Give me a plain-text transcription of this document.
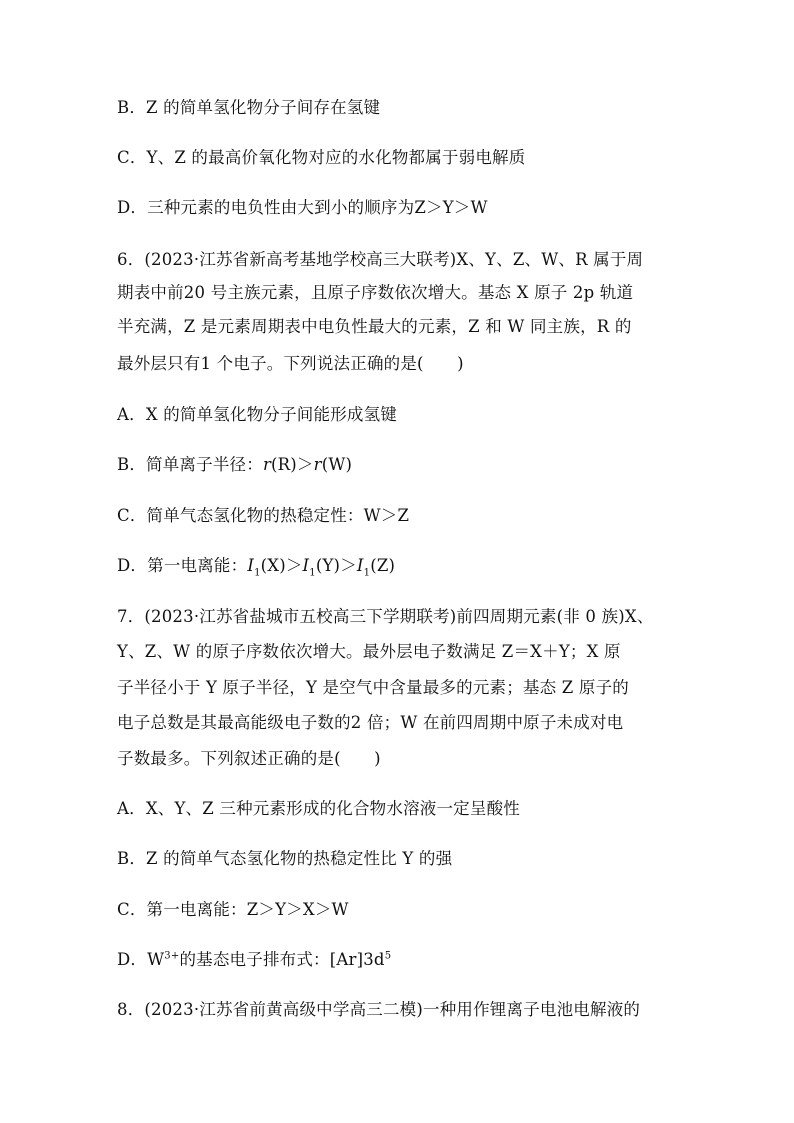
B．Z 的简单氢化物分子间存在氢键
C．Y、Z 的最高价氧化物对应的水化物都属于弱电解质
D．三种元素的电负性由大到小的顺序为Z＞Y＞W
6．(2023·江苏省新高考基地学校高三大联考)X、Y、Z、W、R 属于周
期表中前20 号主族元素，且原子序数依次增大。基态 X 原子 2p 轨道
半充满，Z 是元素周期表中电负性最大的元素，Z 和 W 同主族，R 的
最外层只有1 个电子。下列说法正确的是(　　)
A．X 的简单氢化物分子间能形成氢键
B．简单离子半径：r(R)＞r(W)
C．简单气态氢化物的热稳定性：W＞Z
D．第一电离能：$I_1(X)>I_1(Y)>I_1(Z)$
7．(2023·江苏省盐城市五校高三下学期联考)前四周期元素(非 0 族)X、
Y、Z、W 的原子序数依次增大。最外层电子数满足 Z＝X＋Y；X 原
子半径小于 Y 原子半径，Y 是空气中含量最多的元素；基态 Z 原子的
电子总数是其最高能级电子数的2 倍；W 在前四周期中原子未成对电
子数最多。下列叙述正确的是(　　)
A．X、Y、Z 三种元素形成的化合物水溶液一定呈酸性
B．Z 的简单气态氢化物的热稳定性比 Y 的强
C．第一电离能：Z＞Y＞X＞W
D．$W^{3+}$的基态电子排布式：$[Ar]3d^5$
8．(2023·江苏省前黄高级中学高三二模)一种用作锂离子电池电解液的
